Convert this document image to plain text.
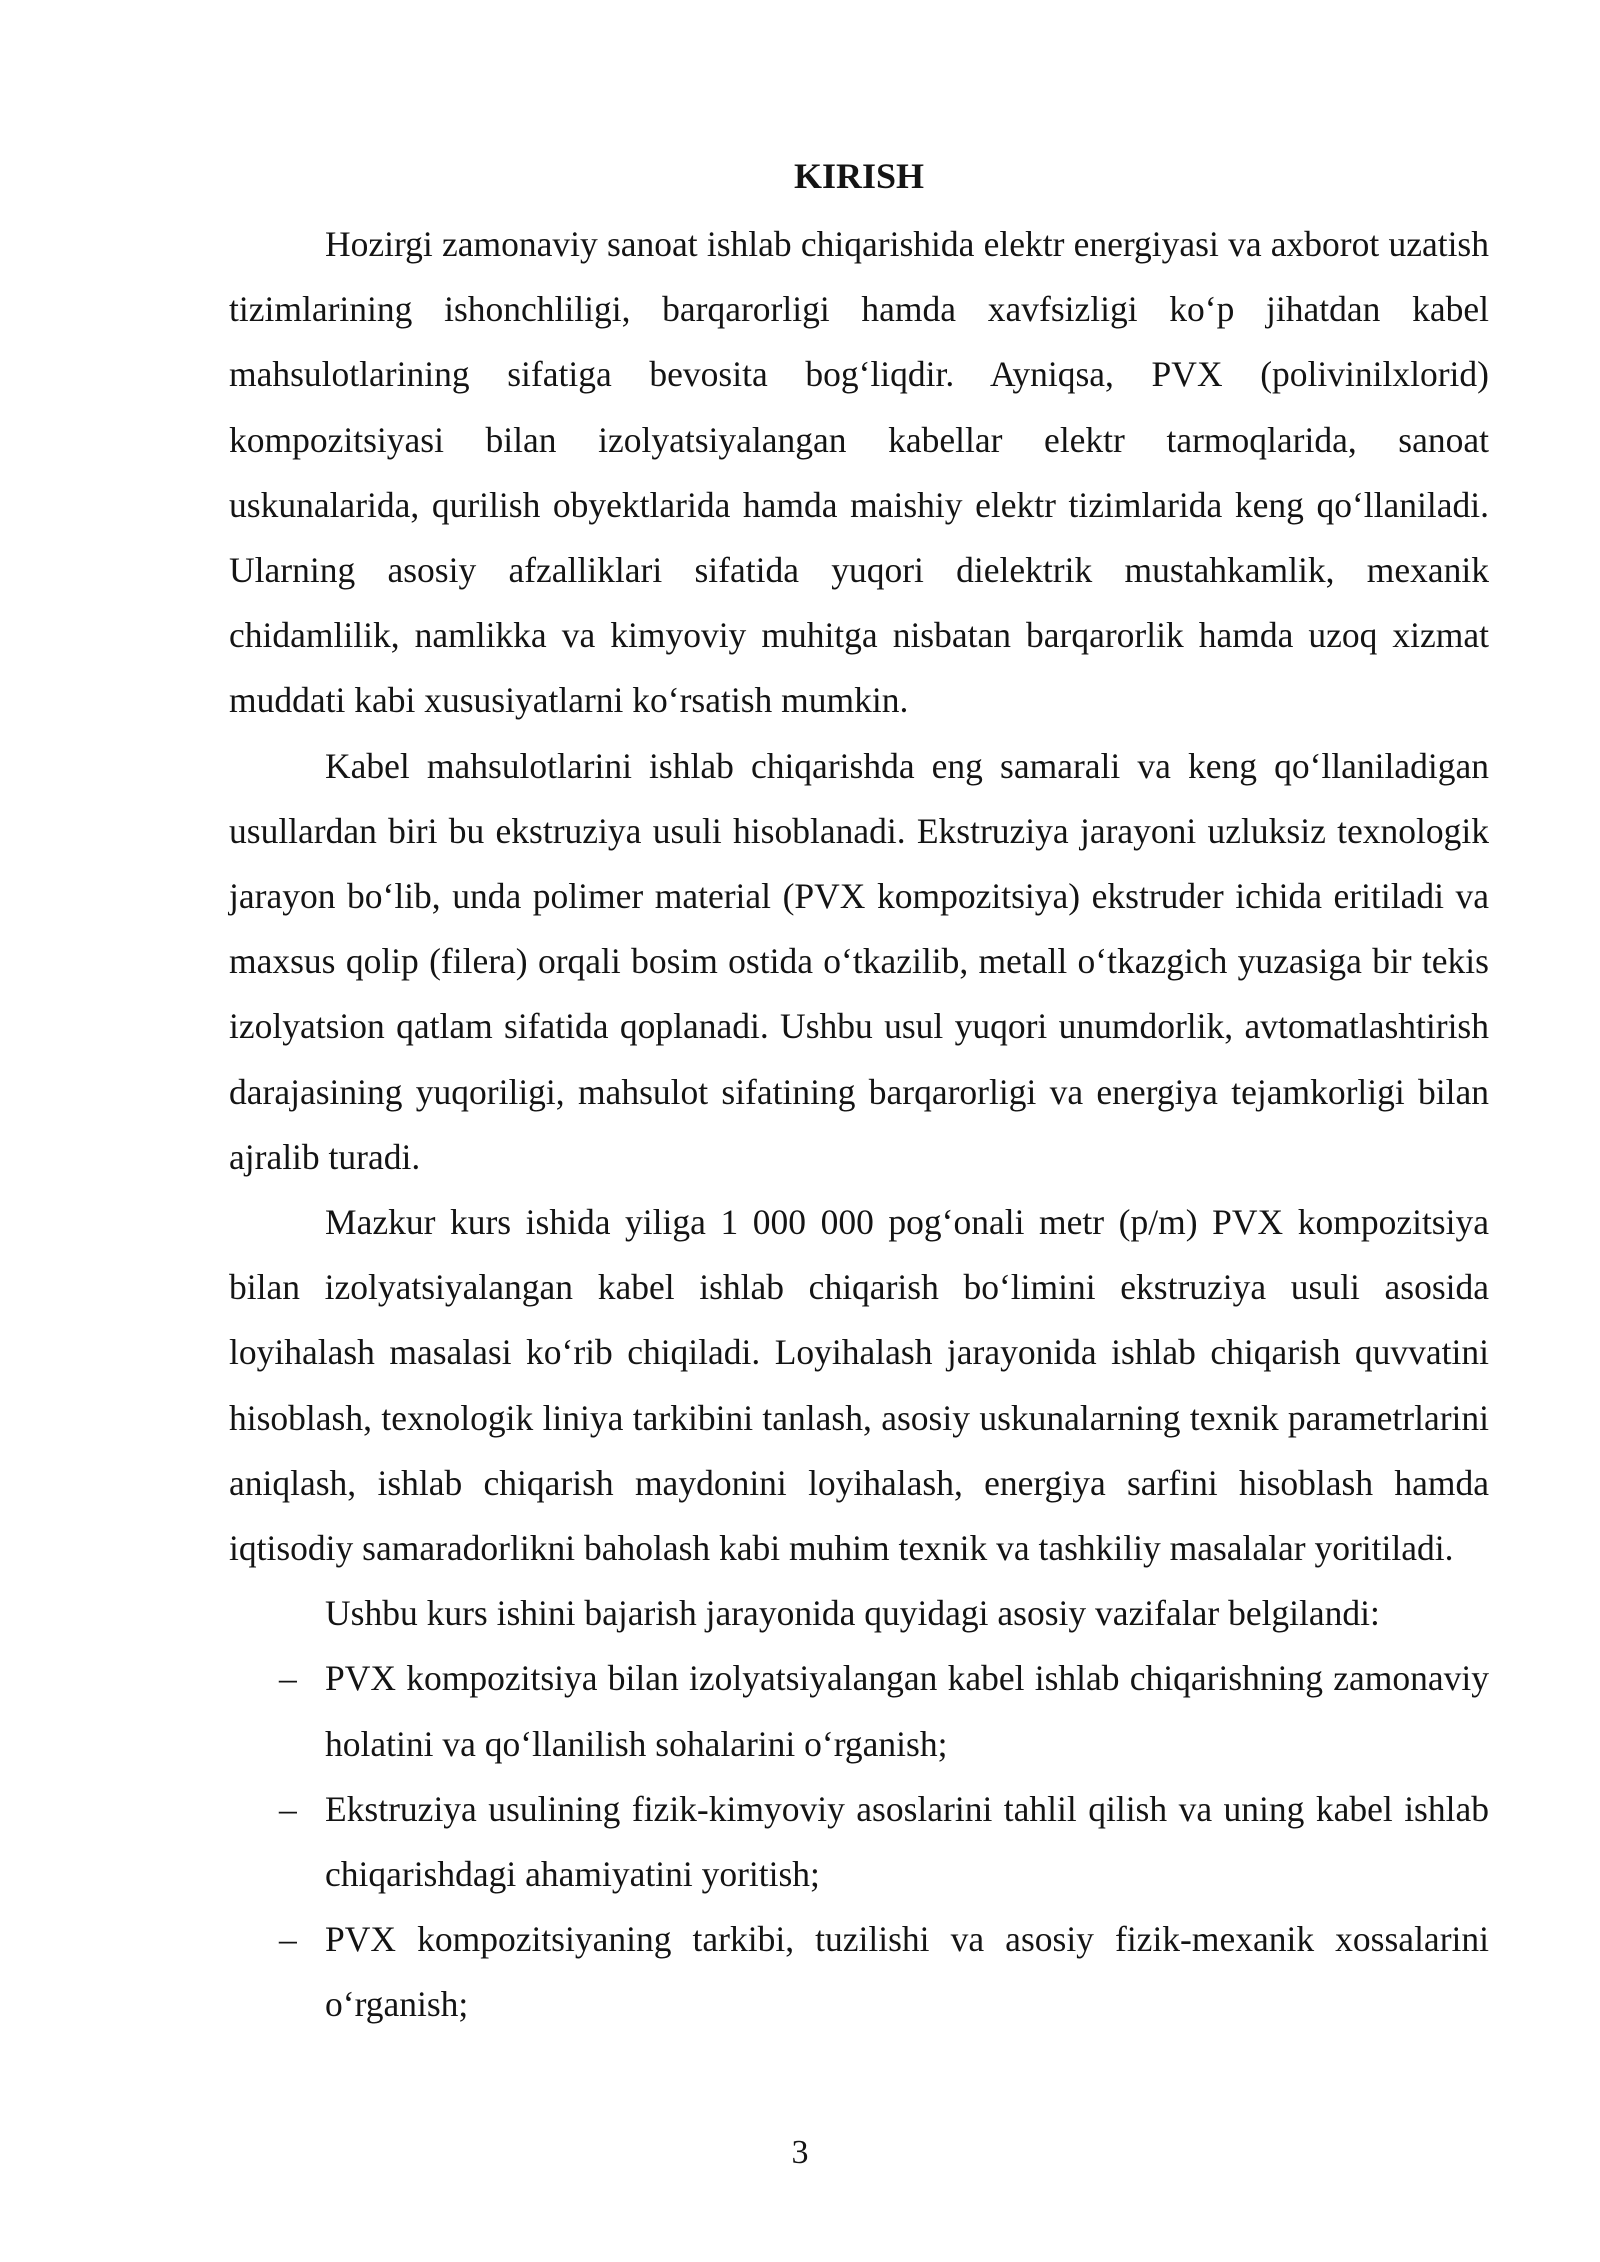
KIRISH

Hozirgi zamonaviy sanoat ishlab chiqarishida elektr energiyasi va axborot uzatish tizimlarining ishonchliligi, barqarorligi hamda xavfsizligi ko‘p jihatdan kabel mahsulotlarining sifatiga bevosita bog‘liqdir. Ayniqsa, PVX (polivinilxlorid) kompozitsiyasi bilan izolyatsiyalangan kabellar elektr tarmoqlarida, sanoat uskunalarida, qurilish obyektlarida hamda maishiy elektr tizimlarida keng qo‘llaniladi. Ularning asosiy afzalliklari sifatida yuqori dielektrik mustahkamlik, mexanik chidamlilik, namlikka va kimyoviy muhitga nisbatan barqarorlik hamda uzoq xizmat muddati kabi xususiyatlarni ko‘rsatish mumkin.

Kabel mahsulotlarini ishlab chiqarishda eng samarali va keng qo‘llaniladigan usullardan biri bu ekstruziya usuli hisoblanadi. Ekstruziya jarayoni uzluksiz texnologik jarayon bo‘lib, unda polimer material (PVX kompozitsiya) ekstruder ichida eritiladi va maxsus qolip (filera) orqali bosim ostida o‘tkazilib, metall o‘tkazgich yuzasiga bir tekis izolyatsion qatlam sifatida qoplanadi. Ushbu usul yuqori unumdorlik, avtomatlashtirish darajasining yuqoriligi, mahsulot sifatining barqarorligi va energiya tejamkorligi bilan ajralib turadi.

Mazkur kurs ishida yiliga 1 000 000 pog‘onali metr (p/m) PVX kompozitsiya bilan izolyatsiyalangan kabel ishlab chiqarish bo‘limini ekstruziya usuli asosida loyihalash masalasi ko‘rib chiqiladi. Loyihalash jarayonida ishlab chiqarish quvvatini hisoblash, texnologik liniya tarkibini tanlash, asosiy uskunalarning texnik parametrlarini aniqlash, ishlab chiqarish maydonini loyihalash, energiya sarfini hisoblash hamda iqtisodiy samaradorlikni baholash kabi muhim texnik va tashkiliy masalalar yoritiladi.

Ushbu kurs ishini bajarish jarayonida quyidagi asosiy vazifalar belgilandi:

– PVX kompozitsiya bilan izolyatsiyalangan kabel ishlab chiqarishning zamonaviy holatini va qo‘llanilish sohalarini o‘rganish;
– Ekstruziya usulining fizik-kimyoviy asoslarini tahlil qilish va uning kabel ishlab chiqarishdagi ahamiyatini yoritish;
– PVX kompozitsiyaning tarkibi, tuzilishi va asosiy fizik-mexanik xossalarini o‘rganish;
3
